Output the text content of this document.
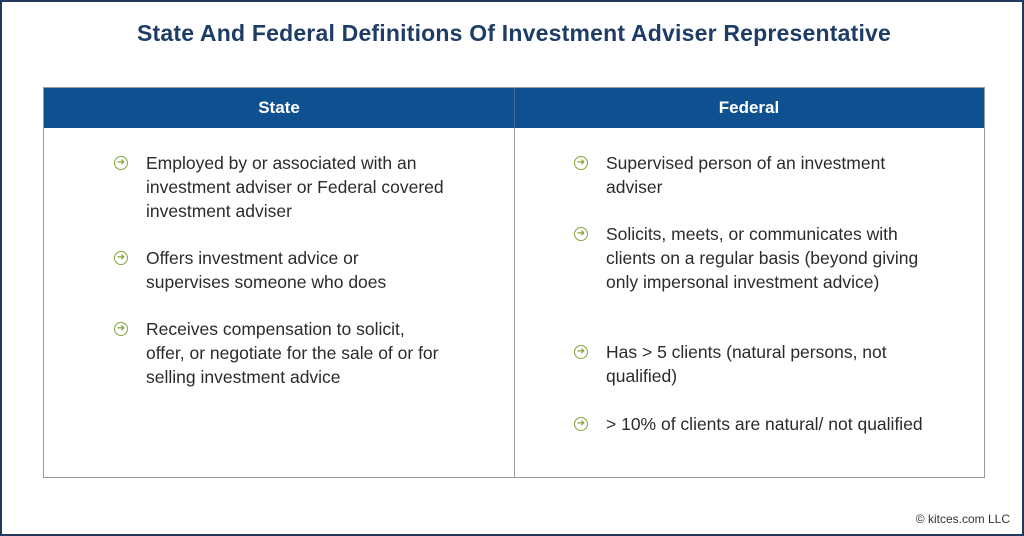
State And Federal Definitions Of Investment Adviser Representative
State	Federal
➜ Employed by or associated with an investment adviser or Federal covered investment adviser
➜ Offers investment advice or supervises someone who does
➜ Receives compensation to solicit, offer, or negotiate for the sale of or for selling investment advice
➜ Supervised person of an investment adviser
➜ Solicits, meets, or communicates with clients on a regular basis (beyond giving only impersonal investment advice)
➜ Has > 5 clients (natural persons, not qualified)
➜ > 10% of clients are natural/ not qualified
© kitces.com LLC
